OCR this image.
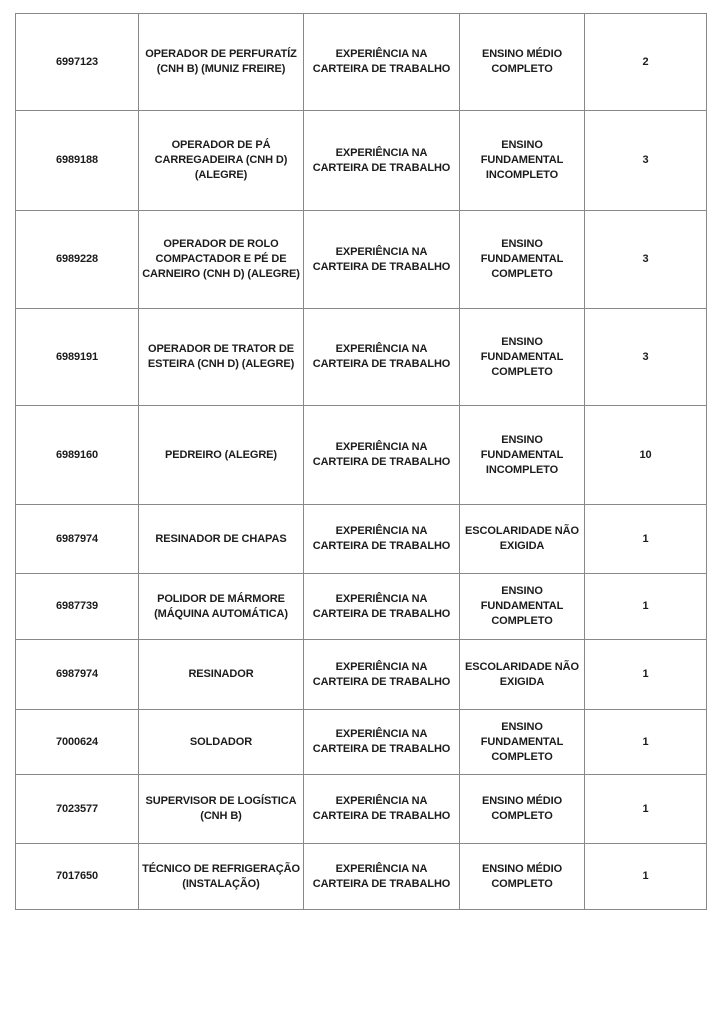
6997123	OPERADOR DE PERFURATÍZ (CNH B) (MUNIZ FREIRE)	EXPERIÊNCIA NA CARTEIRA DE TRABALHO	ENSINO MÉDIO COMPLETO	2
6989188	OPERADOR DE PÁ CARREGADEIRA (CNH D) (ALEGRE)	EXPERIÊNCIA NA CARTEIRA DE TRABALHO	ENSINO FUNDAMENTAL INCOMPLETO	3
6989228	OPERADOR DE ROLO COMPACTADOR E PÉ DE CARNEIRO (CNH D) (ALEGRE)	EXPERIÊNCIA NA CARTEIRA DE TRABALHO	ENSINO FUNDAMENTAL COMPLETO	3
6989191	OPERADOR DE TRATOR DE ESTEIRA (CNH D) (ALEGRE)	EXPERIÊNCIA NA CARTEIRA DE TRABALHO	ENSINO FUNDAMENTAL COMPLETO	3
6989160	PEDREIRO (ALEGRE)	EXPERIÊNCIA NA CARTEIRA DE TRABALHO	ENSINO FUNDAMENTAL INCOMPLETO	10
6987974	RESINADOR DE CHAPAS	EXPERIÊNCIA NA CARTEIRA DE TRABALHO	ESCOLARIDADE NÃO EXIGIDA	1
6987739	POLIDOR DE MÁRMORE (MÁQUINA AUTOMÁTICA)	EXPERIÊNCIA NA CARTEIRA DE TRABALHO	ENSINO FUNDAMENTAL COMPLETO	1
6987974	RESINADOR	EXPERIÊNCIA NA CARTEIRA DE TRABALHO	ESCOLARIDADE NÃO EXIGIDA	1
7000624	SOLDADOR	EXPERIÊNCIA NA CARTEIRA DE TRABALHO	ENSINO FUNDAMENTAL COMPLETO	1
7023577	SUPERVISOR DE LOGÍSTICA (CNH B)	EXPERIÊNCIA NA CARTEIRA DE TRABALHO	ENSINO MÉDIO COMPLETO	1
7017650	TÉCNICO DE REFRIGERAÇÃO (INSTALAÇÃO)	EXPERIÊNCIA NA CARTEIRA DE TRABALHO	ENSINO MÉDIO COMPLETO	1
